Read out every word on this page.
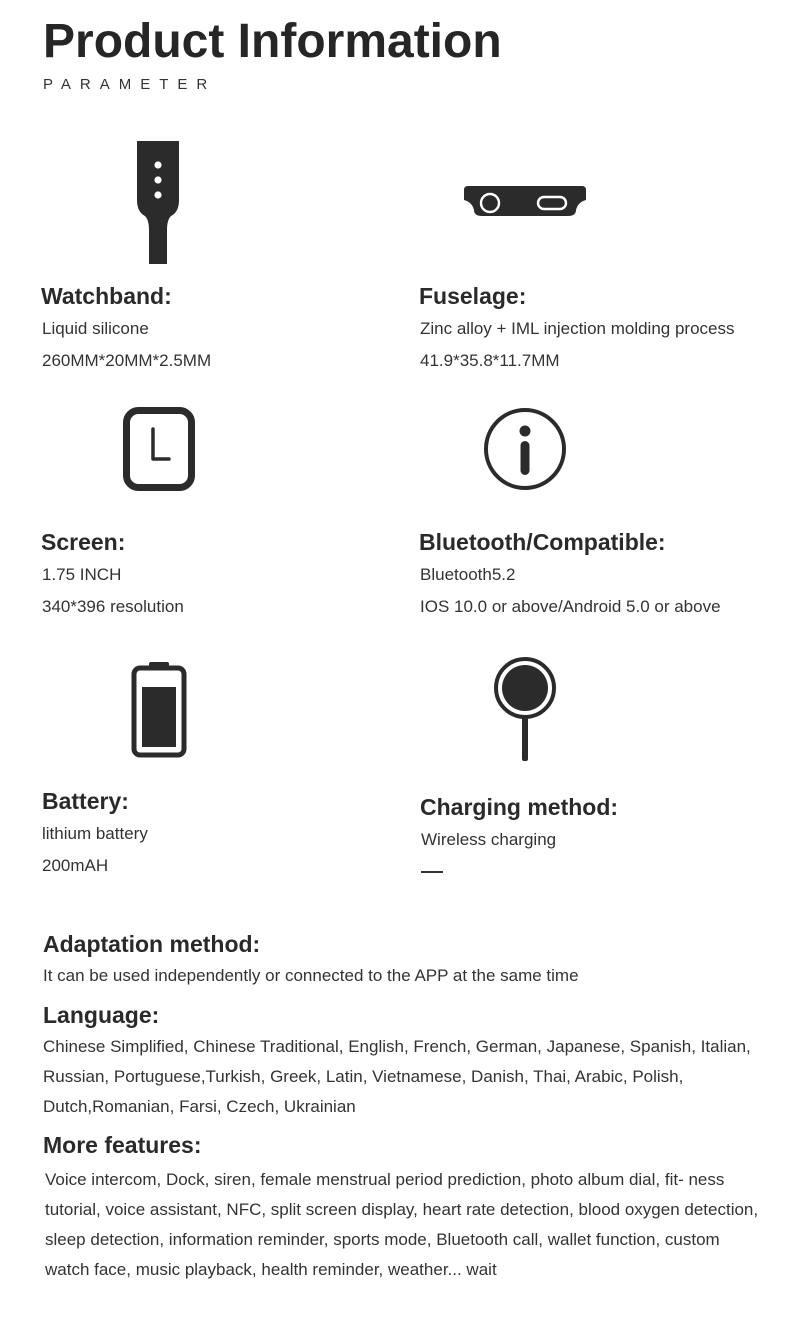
Product Information
PARAMETER
Watchband:
Liquid silicone
260MM*20MM*2.5MM
Fuselage:
Zinc alloy + IML injection molding process
41.9*35.8*11.7MM
Screen:
1.75 INCH
340*396 resolution
Bluetooth/Compatible:
Bluetooth5.2
IOS 10.0 or above/Android 5.0 or above
Battery:
lithium battery
200mAH
Charging method:
Wireless charging
Adaptation method:
It can be used independently or connected to the APP at the same time
Language:
Chinese Simplified, Chinese Traditional, English, French, German, Japanese, Spanish, Italian, Russian, Portuguese,Turkish, Greek, Latin, Vietnamese, Danish, Thai, Arabic, Polish, Dutch,Romanian, Farsi, Czech, Ukrainian
More features:
Voice intercom, Dock, siren, female menstrual period prediction, photo album dial, fit- ness tutorial, voice assistant, NFC, split screen display, heart rate detection, blood oxygen detection, sleep detection, information reminder, sports mode, Bluetooth call, wallet function, custom watch face, music playback, health reminder, weather... wait
